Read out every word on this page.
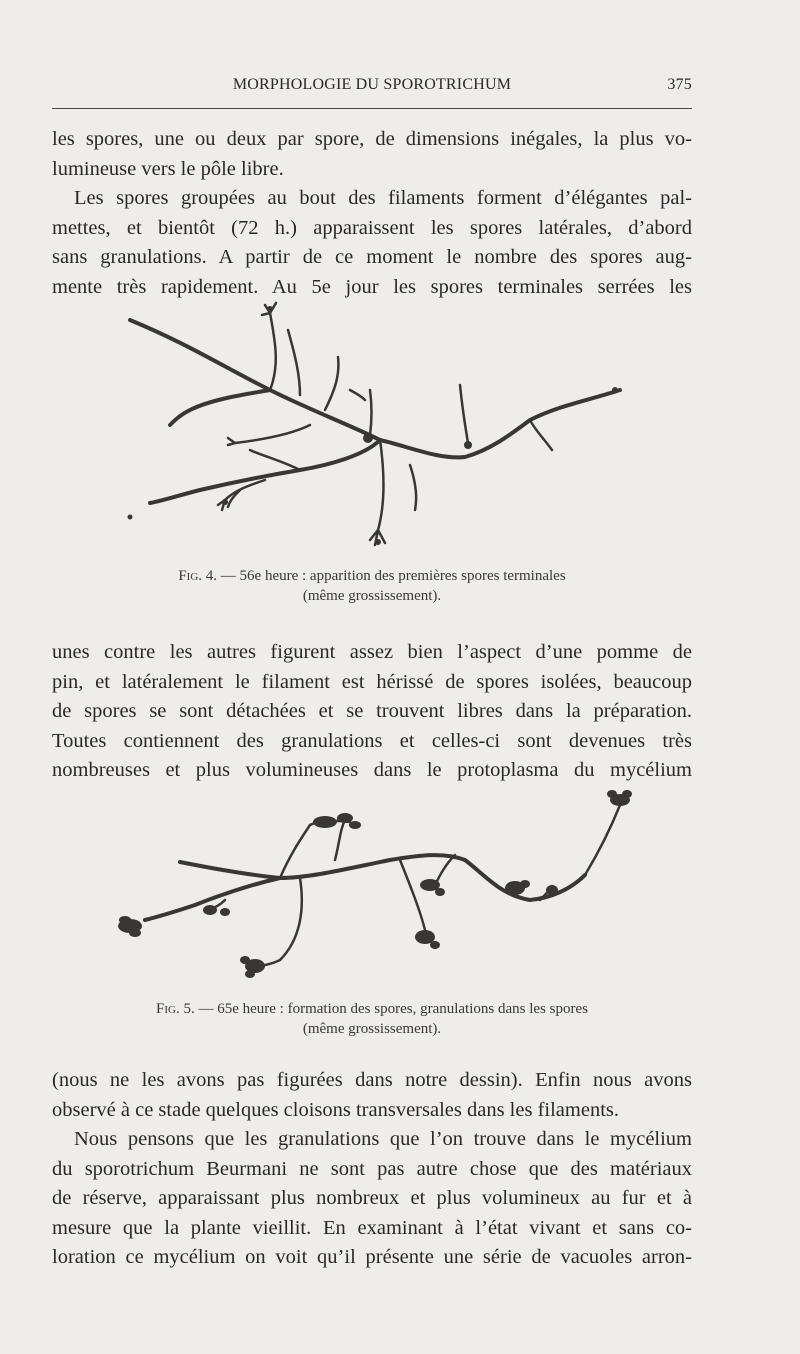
MORPHOLOGIE DU SPOROTRICHUM	375
les spores, une ou deux par spore, de dimensions inégales, la plus vo-
lumineuse vers le pôle libre.
Les spores groupées au bout des filaments forment d’élégantes pal-
mettes, et bientôt (72 h.) apparaissent les spores latérales, d’abord
sans granulations. A partir de ce moment le nombre des spores aug-
mente très rapidement. Au 5e jour les spores terminales serrées les
Fig. 4. — 56e heure : apparition des premières spores terminales
(même grossissement).
unes contre les autres figurent assez bien l’aspect d’une pomme de
pin, et latéralement le filament est hérissé de spores isolées, beaucoup
de spores se sont détachées et se trouvent libres dans la préparation.
Toutes contiennent des granulations et celles-ci sont devenues très
nombreuses et plus volumineuses dans le protoplasma du mycélium
Fig. 5. — 65e heure : formation des spores, granulations dans les spores
(même grossissement).
(nous ne les avons pas figurées dans notre dessin). Enfin nous avons
observé à ce stade quelques cloisons transversales dans les filaments.
Nous pensons que les granulations que l’on trouve dans le mycélium
du sporotrichum Beurmani ne sont pas autre chose que des matériaux
de réserve, apparaissant plus nombreux et plus volumineux au fur et à
mesure que la plante vieillit. En examinant à l’état vivant et sans co-
loration ce mycélium on voit qu’il présente une série de vacuoles arron-
